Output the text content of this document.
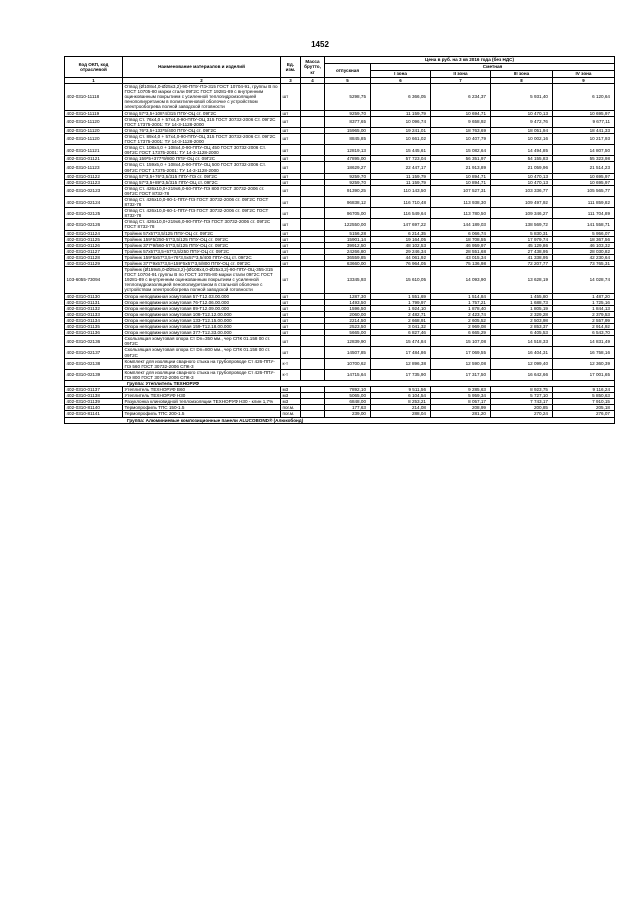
1452
Код ОКП, код отраслевой	Наименование материалов и изделий	Ед. изм.	Масса брутто, кг	Цена в руб. на 3 кв 2016 года (без НДС)				
				отпускная	Сметная			
					I зона	II зона	III зона	IV зона
1	2	3	4	5	6	7	8	9
402-0310-11118	Отвод (Ø108х4,0-Ø25х3,2)-90-ППУ-ПЭ-315 ГОСТ 10704-91, группы В по ГОСТ 10705-80 марки стали 09Г2С ГОСТ 19281-89 с внутренним оцинкованным покрытием с усиленной теплогидроизоляцией пенополиуретаном в полиэтиленовой оболочке с устройством электрообогрева полной заводской готовности	шт		5298,75	6 366,05	6 234,37	5 931,40	6 120,64
402-0310-11119	Отвод 57*3,5+108*4/315 ППУ-ОЦ ст. 09Г2С	шт		9259,70	11 159,79	10 694,71	10 470,13	10 695,97
402-0310-11120	Отвод Ст. 76х4,0 + 57х4,0-90-ППУ-ОЦ 315 ГОСТ 30732-2006 Ст. 09Г2С ГОСТ 17375-2001: ТУ 14-3-1128-2000	шт		8377,65	10 096,74	9 658,92	9 472,76	9 677,11
402-0310-11120	Отвод 76*3,5+133*5/400 ППУ-ОЦ ст. 09Г2С	шт		15965,00	19 241,01	18 763,69	18 051,94	18 441,33
402-0310-11120	Отвод Ст. 89х4,0 + 57х4,0-90-ППУ-ОЦ 315 ГОСТ 30732-2006 Ст. 09Г2С ГОСТ 17375-2001: ТУ 14-3-1128-2000	шт		8845,85	10 661,02	10 407,79	10 002,16	10 217,93
402-0310-11121	Отвод Ст. 108х4,0 + 108х4,0-90-ППУ-ОЦ 450 ГОСТ 30732-2006 Ст. 09Г2С ГОСТ 17375-2001: ТУ 14-3-1128-2000	шт		12819,13	15 445,61	15 082,64	14 494,85	14 807,50
402-0310-01121	Отвод 159*5+377*9/800 ППУ-ОЦ ст. 09Г2С	шт		47895,00	57 723,04	56 351,97	54 155,83	55 323,98
402-0310-11123	Отвод Ст. 159х5,0 + 108х4,0-90-ППУ-ОЦ 500 ГОСТ 30732-2006 Ст. 09Г2С ГОСТ 17375-2001: ТУ 14-3-1128-2000	шт		18629,27	22 447,17	21 913,89	21 059,96	21 514,23
402-0310-01122	Отвод 57*3,5+76*3,5/315 ППУ-ПЭ ст. 09Г2С	шт		9259,70	11 159,79	10 894,71	10 470,13	10 695,97
402-0310-01123	Отвод 57*3,5+89*3,5/315 ППУ-ОЦ ст. 09Г2С	шт		9259,70	11 159,79	10 894,71	10 470,13	10 695,97
402-0310-02123	Отвод Ст. 426х10,0+219х6,0-60-ППУ-ПЭ 800 ГОСТ 30732-2006 ст. 09Г2С ГОСТ 8732-78	шт		91390,25	110 143,50	107 527,31	103 336,77	105 565,77
402-0310-02124	Отвод Ст. 426х10,0-90-1-ППУ-ПЭ ГОСТ 30732-2006 ст. 09Г2С ГОСТ 8732-78	шт		96838,12	116 710,48	113 938,30	109 497,92	111 859,82
402-0310-02125	Отвод Ст. 426х10,0-60-1-ППУ-ПЭ ГОСТ 30732-2006 ст. 09Г2С ГОСТ 8732-78	шт		96705,00	116 549,64	113 780,50	109 346,27	111 704,89
402-0310-02126	Отвод Ст. 426х10,0+219х6,0-90-ППУ-ПЭ ГОСТ 30732-2006 ст. 09Г2С ГОСТ 8732-78	шт		122550,00	147 697,22	144 189,03	138 569,72	141 558,71
402-0310-01124	Тройник 57х57*3,5/125 ППУ-ОЦ ст. 09Г2С	шт		5156,28	6 214,35	6 066,74	5 830,31	5 956,07
402-0310-01125	Тройник 159*5/250-57*3,5/125 ППУ-ОЦ ст. 09Г2С	шт		15901,14	19 164,05	18 708,55	17 979,74	18 367,56
402-0310-01126	Тройник 377*9/560-57*3,5/125 ППУ-ОЦ ст. 09Г2С	шт		39912,50	48 102,53	46 959,97	45 129,86	46 103,32
402-0310-01127	Тройник 57х57*3,5+57*3,5/250 ППУ-ОЦ ст. 09Г2С	шт		24266,80	29 246,34	28 551,68	27 438,95	28 030,82
402-0310-01128	Тройник 159*5х57*3,5+76*3,5х57*3,5/400 ППУ-ОЦ ст. 09Г2С	шт		36559,85	44 061,92	43 015,34	41 338,95	42 230,64
402-0310-01129	Тройник 377*9х57*3,5+159*5х57*3,5/800 ППУ-ОЦ ст. 09Г2С	шт		63660,00	76 964,05	75 136,98	72 207,77	73 765,31
103-6055-73094	Тройник (Ø159х5,0-Ø25х3,2)-(Ø108х4,0-Ø25х3,2)-90-ППУ-ОЦ-355-315 ГОСТ 10704-91 группы В по ГОСТ 10705-80 марки стали 09Г2С ГОСТ 19281-89 с внутренним оцинкованным покрытием с усиленной теплогидроизоляцией пенополиуретаном в стальной оболочке с устройством электрообогрева полной заводской готовности	шт		13345,93	15 610,05	14 093,90	13 628,19	14 028,74
402-0310-01130	Опора неподвижная хомутовая 57-Т12.03.00.000	шт		1287,30	1 551,69	1 514,84	1 455,80	1 487,20
402-0310-01131	Опора неподвижная хомутовая 76-Т12.06.00.000	шт		1493,50	1 799,97	1 757,21	1 688,73	1 725,16
402-0310-01132	Опора неподвижная хомутовая 89-Т12.09.00.000	шт		1596,50	1 924,10	1 878,40	1 805,19	1 844,13
402-0310-01133	Опора неподвижная хомутовая 108-Т12.12.00.000	шт		2060,00	2 482,71	2 423,74	2 329,28	2 379,53
402-0310-01134	Опора неподвижная хомутовая 133-Т12.15.00.000	шт		2214,50	2 668,91	2 605,52	2 503,98	2 557,99
402-0310-01135	Опора неподвижная хомутовая 159-Т12.18.00.000	шт		2523,50	3 041,32	2 969,08	2 853,37	2 914,92
402-0310-01136	Опора неподвижная хомутовая 377-Т12.33.00.000	шт		5665,00	6 827,46	6 665,29	6 405,53	6 543,70
402-0310-02136	Скользящая хомутовая опора Ст Dn=350 мм., чер СПК 01.158 00 ст. 09Г2С	шт		12839,90	15 474,84	15 107,08	14 518,33	14 831,49
402-0310-02137	Скользящая хомутовая опора Ст Dn=800 мм., чер СПК 01.158 00 ст. 09Г2С	шт		14507,85	17 484,86	17 069,55	16 404,31	16 758,16
402-0310-02138	Комплект для изоляции сварного стыка на трубопроводе Ст 426-ППУ-ПЭ 560 ГОСТ 30732-2006 СПК-3	к-т		10700,62	12 896,38	12 590,08	12 099,40	12 360,39
402-0310-02139	Комплект для изоляции сварного стыка на трубопроводе Ст 426-ППУ-ПЭ 800 ГОСТ 30732-2006 СПК-3	к-т		14715,64	17 735,90	17 317,50	16 642,66	17 001,65
Группа: Утеплитель ТЕХНОРУФ								
402-0310-01137	Утеплитель ТЕХНОРУФ В60	м3		7892,10	9 511,56	9 285,63	8 923,75	9 116,24
402-0310-01138	Утеплитель ТЕХНОРУФ Н30	м3		5065,00	6 104,54	5 959,34	5 727,10	5 850,63
402-0310-01139	Разуклонка клиновидной теплоизоляции ТЕХНОРУФ Н30 - клин 1,7%	м3		6848,00	8 253,21	8 057,17	7 743,17	7 910,15
402-0310-81140	Термопрофиль ТПС 150-1.5	пог.м.		177,63	214,08	208,99	200,85	205,18
402-0310-81141	Термопрофиль ТПС 200-1.5	пог.м.		239,00	288,04	281,20	270,24	276,07
Группа: Алюминиевые композиционные панели ALUCOBOND® (Алюкобонд)								
